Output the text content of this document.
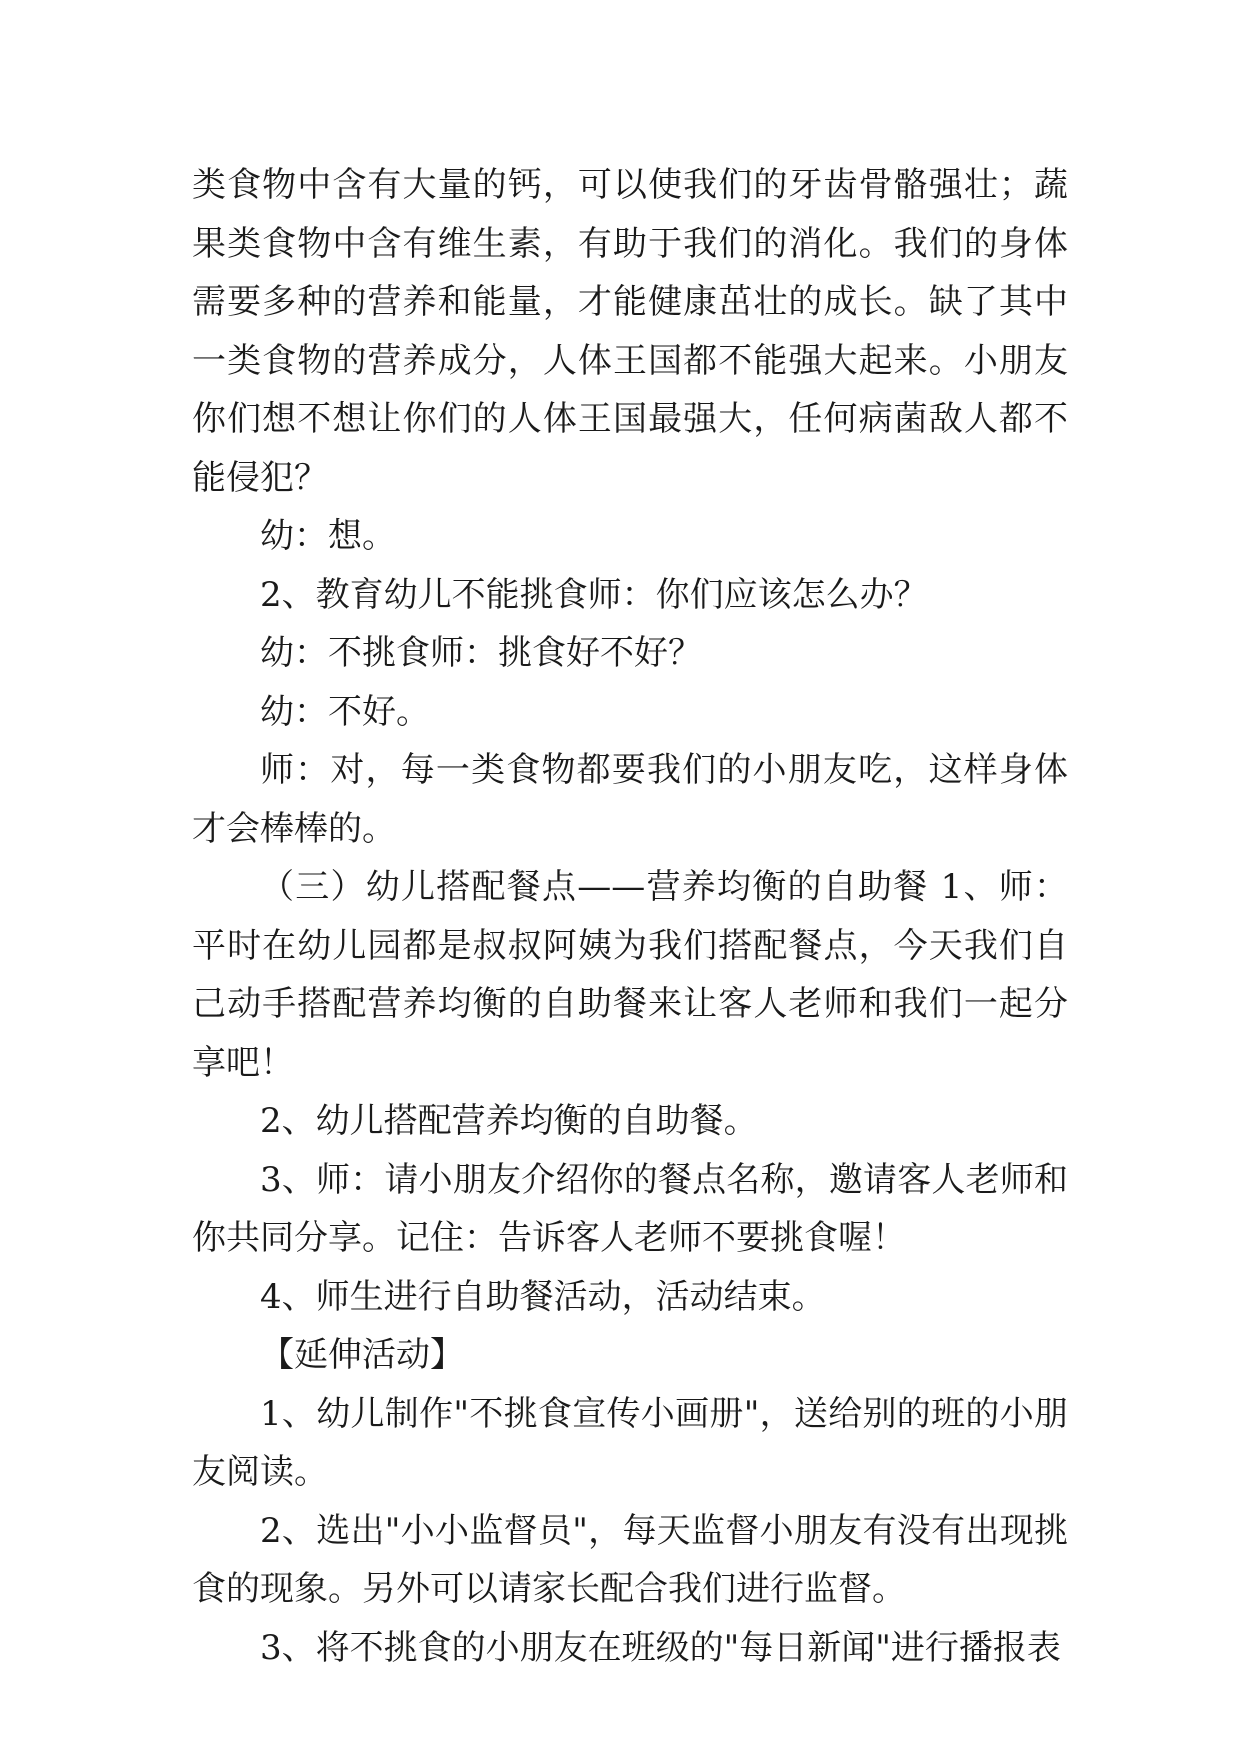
类食物中含有大量的钙，可以使我们的牙齿骨骼强壮；蔬果类食物中含有维生素，有助于我们的消化。我们的身体需要多种的营养和能量，才能健康茁壮的成长。缺了其中一类食物的营养成分，人体王国都不能强大起来。小朋友你们想不想让你们的人体王国最强大，任何病菌敌人都不能侵犯？

幼：想。

2、教育幼儿不能挑食师：你们应该怎么办？

幼：不挑食师：挑食好不好？

幼：不好。

师：对，每一类食物都要我们的小朋友吃，这样身体才会棒棒的。

（三）幼儿搭配餐点——营养均衡的自助餐 1、师：平时在幼儿园都是叔叔阿姨为我们搭配餐点，今天我们自己动手搭配营养均衡的自助餐来让客人老师和我们一起分享吧！

2、幼儿搭配营养均衡的自助餐。

3、师：请小朋友介绍你的餐点名称，邀请客人老师和你共同分享。记住：告诉客人老师不要挑食喔！

4、师生进行自助餐活动，活动结束。

【延伸活动】

1、幼儿制作"不挑食宣传小画册"，送给别的班的小朋友阅读。

2、选出"小小监督员"，每天监督小朋友有没有出现挑食的现象。另外可以请家长配合我们进行监督。

3、将不挑食的小朋友在班级的"每日新闻"进行播报表
